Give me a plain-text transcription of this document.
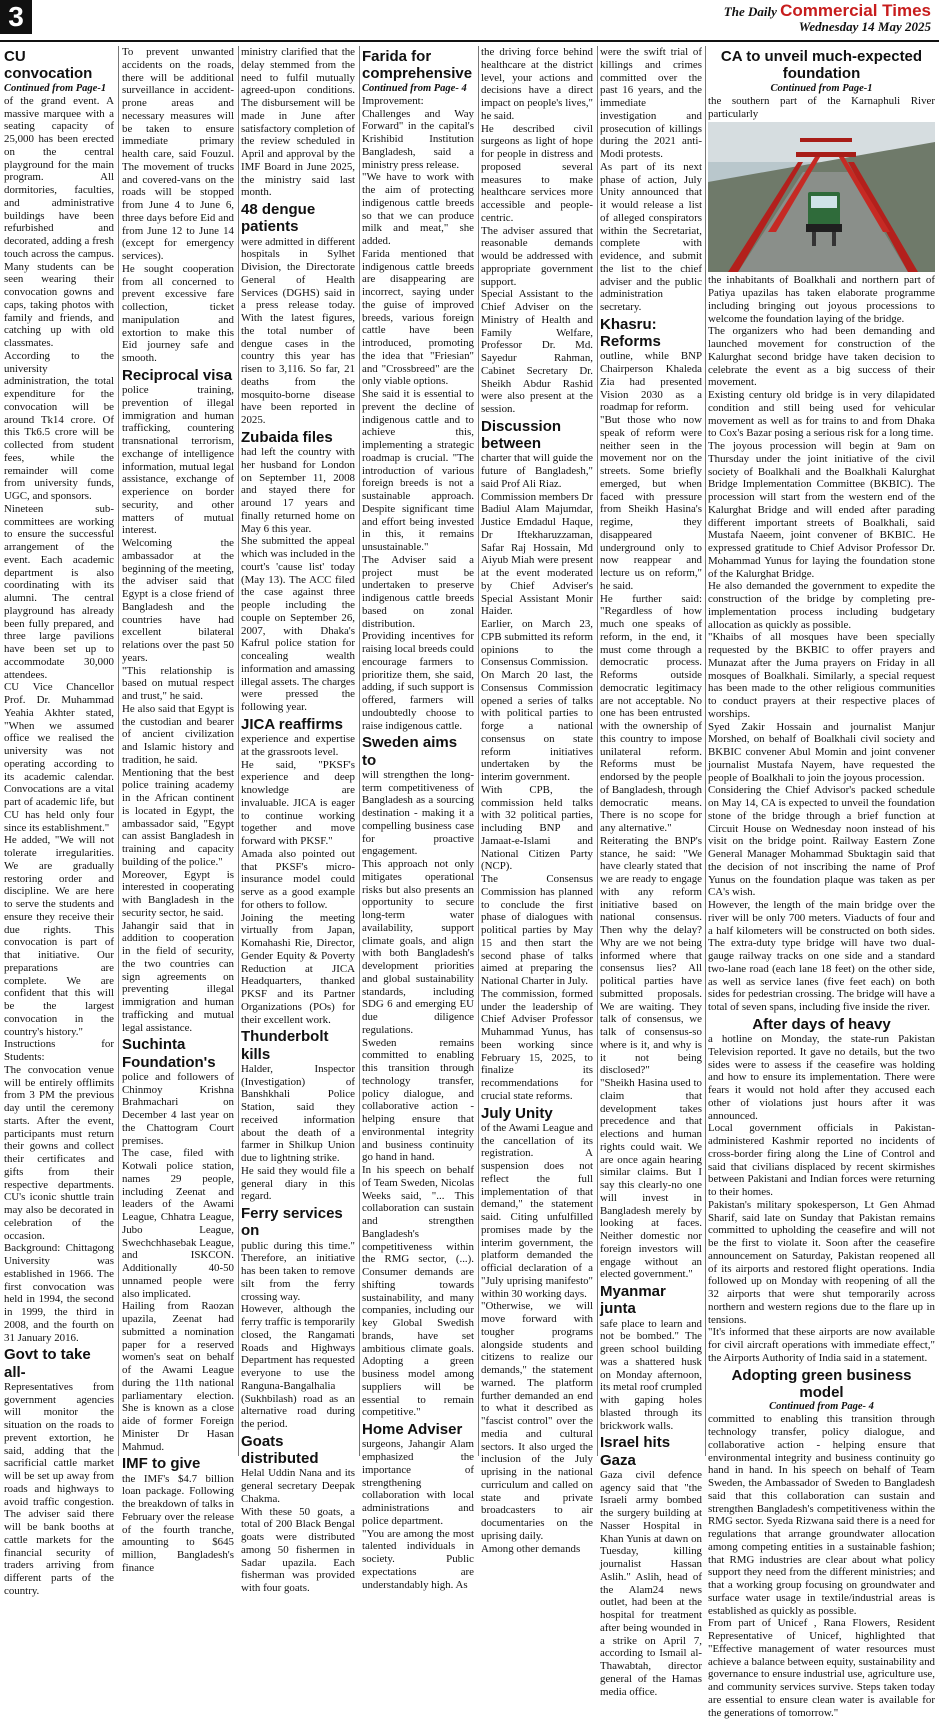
3	The Daily Commercial Times
Wednesday 14 May 2025
CU convocation
Continued from Page-1

of the grand event. A massive marquee with a seating capacity of 25,000 has been erected on the central playground for the main program. All dormitories, faculties, and administrative buildings have been refurbished and decorated, adding a fresh touch across the campus. Many students can be seen wearing their convocation gowns and caps, taking photos with family and friends, and catching up with old classmates.

According to the university administration, the total expenditure for the convocation will be around Tk14 crore. Of this Tk6.5 crore will be collected from student fees, while the remainder will come from university funds, UGC, and sponsors.

Nineteen sub-committees are working to ensure the successful arrangement of the event. Each academic department is also coordinating with its alumni. The central playground has already been fully prepared, and three large pavilions have been set up to accommodate 30,000 attendees.

CU Vice Chancellor Prof. Dr. Muhammad Yeahia Akhter stated, "When we assumed office we realised the university was not operating according to its academic calendar. Convocations are a vital part of academic life, but CU has held only four since its establishment."

He added, "We will not tolerate irregularities. We are gradually restoring order and discipline. We are here to serve the students and ensure they receive their due rights. This convocation is part of that initiative. Our preparations are complete. We are confident that this will be the largest convocation in the country's history."

Instructions for Students:

The convocation venue will be entirely offlimits from 3 PM the previous day until the ceremony starts. After the event, participants must return their gowns and collect their certificates and gifts from their respective departments. CU's iconic shuttle train may also be decorated in celebration of the occasion.

Background: Chittagong University was established in 1966. The first convocation was held in 1994, the second in 1999, the third in 2008, and the fourth on 31 January 2016.

Govt to take all-

Representatives from government agencies will monitor the situation on the roads to prevent extortion, he said, adding that the sacrificial cattle market will be set up away from roads and highways to avoid traffic congestion. The adviser said there will be bank booths at cattle markets for the financial security of traders arriving from different parts of the country.

To prevent unwanted accidents on the roads, there will be additional surveillance in accident-prone areas and necessary measures will be taken to ensure immediate primary health care, said Fouzul. The movement of trucks and covered-vans on the roads will be stopped from June 4 to June 6, three days before Eid and from June 12 to June 14 (except for emergency services).

He sought cooperation from all concerned to prevent excessive fare collection, ticket manipulation and extortion to make this Eid journey safe and smooth.

Reciprocal visa

police training, prevention of illegal immigration and human trafficking, countering transnational terrorism, exchange of intelligence information, mutual legal assistance, exchange of experience on border security, and other matters of mutual interest.

Welcoming the ambassador at the beginning of the meeting, the adviser said that Egypt is a close friend of Bangladesh and the countries have had excellent bilateral relations over the past 50 years.

"This relationship is based on mutual respect and trust," he said.

He also said that Egypt is the custodian and bearer of ancient civilization and Islamic history and tradition, he said.

Mentioning that the best police training academy in the African continent is located in Egypt, the ambassador said, "Egypt can assist Bangladesh in training and capacity building of the police."

Moreover, Egypt is interested in cooperating with Bangladesh in the security sector, he said.

Jahangir said that in addition to cooperation in the field of security, the two countries can sign agreements on preventing illegal immigration and human trafficking and mutual legal assistance.

Suchinta Foundation's

police and followers of Chinmoy Krishna Brahmachari on December 4 last year on the Chattogram Court premises.

The case, filed with Kotwali police station, names 29 people, including Zeenat and leaders of the Awami League, Chhatra League, Jubo League, Swechchhasebak League, and ISKCON. Additionally 40-50 unnamed people were also implicated.

Hailing from Raozan upazila, Zeenat had submitted a nomination paper for a reserved women's seat on behalf of the Awami League during the 11th national parliamentary election. She is known as a close aide of former Foreign Minister Dr Hasan Mahmud.

IMF to give

the IMF's $4.7 billion loan package. Following the breakdown of talks in February over the release of the fourth tranche, amounting to $645 million, Bangladesh's finance

ministry clarified that the delay stemmed from the need to fulfil mutually agreed-upon conditions. The disbursement will be made in June after satisfactory completion of the review scheduled in April and approval by the IMF Board in June 2025, the ministry said last month.

48 dengue patients

were admitted in different hospitals in Sylhet Division, the Directorate General of Health Services (DGHS) said in a press release today. With the latest figures, the total number of dengue cases in the country this year has risen to 3,116. So far, 21 deaths from the mosquito-borne disease have been reported in 2025.

Zubaida files

had left the country with her husband for London on September 11, 2008 and stayed there for around 17 years and finally returned home on May 6 this year.

She submitted the appeal which was included in the court's 'cause list' today (May 13). The ACC filed the case against three people including the couple on September 26, 2007, with Dhaka's Kafrul police station for concealing wealth information and amassing illegal assets. The charges were pressed the following year.

JICA reaffirms

experience and expertise at the grassroots level.

He said, "PKSF's experience and deep knowledge are invaluable. JICA is eager to continue working together and move forward with PKSF."

Amada also pointed out that PKSF's micro-insurance model could serve as a good example for others to follow.

Joining the meeting virtually from Japan, Komahashi Rie, Director, Gender Equity & Poverty Reduction at JICA Headquarters, thanked PKSF and its Partner Organizations (POs) for their excellent work.

Thunderbolt kills

Halder, Inspector (Investigation) of Banshkhali Police Station, said they received information about the death of a farmer in Shilkup Union due to lightning strike.

He said they would file a general diary in this regard.

Ferry services on

public during this time." Therefore, an initiative has been taken to remove silt from the ferry crossing way.

However, although the ferry traffic is temporarily closed, the Rangamati Roads and Highways Department has requested everyone to use the Ranguna-Bangalhalia (Sukhbilash) road as an alternative road during the period.

Goats distributed

Helal Uddin Nana and its general secretary Deepak Chakma.

With these 50 goats, a total of 200 Black Bengal goats were distributed among 50 fishermen in Sadar upazila. Each fisherman was provided with four goats.

Farida for comprehensive
Continued from Page- 4

Improvement: Challenges and Way Forward" in the capital's Krishibid Institution Bangladesh, said a ministry press release.

"We have to work with the aim of protecting indigenous cattle breeds so that we can produce milk and meat," she added.

Farida mentioned that indigenous cattle breeds are disappearing are incorrect, saying under the guise of improved breeds, various foreign cattle have been introduced, promoting the idea that "Friesian" and "Crossbreed" are the only viable options.

She said it is essential to prevent the decline of indigenous cattle and to achieve this, implementing a strategic roadmap is crucial. "The introduction of various foreign breeds is not a sustainable approach. Despite significant time and effort being invested in this, it remains unsustainable."

The Adviser said a project must be undertaken to preserve indigenous cattle breeds based on zonal distribution.

Providing incentives for raising local breeds could encourage farmers to prioritize them, she said, adding, if such support is offered, farmers will undoubtedly choose to raise indigenous cattle.

Sweden aims to

will strengthen the long-term competitiveness of Bangladesh as a sourcing destination - making it a compelling business case for proactive engagement.

This approach not only mitigates operational risks but also presents an opportunity to secure long-term water availability, support climate goals, and align with both Bangladesh's development priorities and global sustainability standards, including SDG 6 and emerging EU due diligence regulations.

Sweden remains committed to enabling this transition through technology transfer, policy dialogue, and collaborative action - helping ensure that environmental integrity and business continuity go hand in hand.

In his speech on behalf of Team Sweden, Nicolas Weeks said, "... This collaboration can sustain and strengthen Bangladesh's competitiveness within the RMG sector, (...). Consumer demands are shifting towards sustainability, and many companies, including our key Global Swedish brands, have set ambitious climate goals. Adopting a green business model among suppliers will be essential to remain competitive."

Home Adviser

surgeons, Jahangir Alam emphasized the importance of strengthening collaboration with local administrations and police department.

"You are among the most talented individuals in society. Public expectations are understandably high. As

the driving force behind healthcare at the district level, your actions and decisions have a direct impact on people's lives," he said.

He described civil surgeons as light of hope for people in distress and proposed several measures to make healthcare services more accessible and people-centric.

The adviser assured that reasonable demands would be addressed with appropriate government support.

Special Assistant to the Chief Adviser on the Ministry of Health and Family Welfare, Professor Dr. Md. Sayedur Rahman, Cabinet Secretary Dr. Sheikh Abdur Rashid were also present at the session.

Discussion between

charter that will guide the future of Bangladesh," said Prof Ali Riaz.

Commission members Dr Badiul Alam Majumdar, Justice Emdadul Haque, Dr Iftekharuzzaman, Safar Raj Hossain, Md Aiyub Miah were present at the event moderated by Chief Adviser's Special Assistant Monir Haider.

Earlier, on March 23, CPB submitted its reform opinions to the Consensus Commission.

On March 20 last, the Consensus Commission opened a series of talks with political parties to forge a national consensus on state reform initiatives undertaken by the interim government.

With CPB, the commission held talks with 32 political parties, including BNP and Jamaat-e-Islami and National Citizen Party (NCP).

The Consensus Commission has planned to conclude the first phase of dialogues with political parties by May 15 and then start the second phase of talks aimed at preparing the National Charter in July.

The commission, formed under the leadership of Chief Adviser Professor Muhammad Yunus, has been working since February 15, 2025, to finalize its recommendations for crucial state reforms.

July Unity

of the Awami League and the cancellation of its registration. A suspension does not reflect the full implementation of that demand," the statement said. Citing unfulfilled promises made by the interim government, the platform demanded the official declaration of a "July uprising manifesto" within 30 working days.

"Otherwise, we will move forward with tougher programs alongside students and citizens to realize our demands," the statement warned. The platform further demanded an end to what it described as "fascist control" over the media and cultural sectors. It also urged the inclusion of the July uprising in the national curriculum and called on state and private broadcasters to air documentaries on the uprising daily.

Among other demands

were the swift trial of killings and crimes committed over the past 16 years, and the immediate investigation and prosecution of killings during the 2021 anti-Modi protests.

As part of its next phase of action, July Unity announced that it would release a list of alleged conspirators within the Secretariat, complete with evidence, and submit the list to the chief adviser and the public administration secretary.

Khasru: Reforms

outline, while BNP Chairperson Khaleda Zia had presented Vision 2030 as a roadmap for reform.

"But those who now speak of reform were neither seen in the movement nor on the streets. Some briefly emerged, but when faced with pressure from Sheikh Hasina's regime, they disappeared underground only to now reappear and lecture us on reform," he said.

He further said: "Regardless of how much one speaks of reform, in the end, it must come through a democratic process. Reforms outside democratic legitimacy are not acceptable. No one has been entrusted with the ownership of this country to impose unilateral reform. Reforms must be endorsed by the people of Bangladesh, through democratic means. There is no scope for any alternative."

Reiterating the BNP's stance, he said: "We have clearly stated that we are ready to engage with any reform initiative based on national consensus. Then why the delay? Why are we not being informed where that consensus lies? All political parties have submitted proposals. We are waiting. They talk of consensus, we talk of consensus-so where is it, and why is it not being disclosed?"

"Sheikh Hasina used to claim that development takes precedence and that elections and human rights could wait. We are once again hearing similar claims. But I say this clearly-no one will invest in Bangladesh merely by looking at faces. Neither domestic nor foreign investors will engage without an elected government."

Myanmar junta

safe place to learn and not be bombed." The green school building was a shattered husk on Monday afternoon, its metal roof crumpled with gaping holes blasted through its brickwork walls.

Israel hits Gaza

Gaza civil defence agency said that "the Israeli army bombed the surgery building at Nasser Hospital in Khan Yunis at dawn on Tuesday, killing journalist Hassan Aslih." Aslih, head of the Alam24 news outlet, had been at the hospital for treatment after being wounded in a strike on April 7, according to Ismail al-Thawabtah, director general of the Hamas media office.

CA to unveil much-expected foundation
Continued from Page-1

the southern part of the Karnaphuli River particularly

the inhabitants of Boalkhali and northern part of Patiya upazilas has taken elaborate programme including bringing out joyous processions to welcome the foundation laying of the bridge.

The organizers who had been demanding and launched movement for construction of the Kalurghat second bridge have taken decision to celebrate the event as a big success of their movement.

Existing century old bridge is in very dilapidated condition and still being used for vehicular movement as well as for trains to and from Dhaka to Cox's Bazar posing a serious risk for a long time.

The joyous procession will begin at 9am on Thursday under the joint initiative of the civil society of Boalkhali and the Boalkhali Kalurghat Bridge Implementation Committee (BKBIC). The procession will start from the western end of the Kalurghat Bridge and will ended after parading different important streets of Boalkhali, said Mustafa Naeem, joint convener of BKBIC. He expressed gratitude to Chief Advisor Professor Dr. Mohammad Yunus for laying the foundation stone of the Kalurghat Bridge.

He also demanded the government to expedite the construction of the bridge by completing pre-implementation process including budgetary allocation as quickly as possible.

"Khaibs of all mosques have been specially requested by the BKBIC to offer prayers and Munazat after the Juma prayers on Friday in all mosques of Boalkhali. Similarly, a special request has been made to the other religious communities to conduct prayers at their respective places of worships.

Syed Zakir Hossain and journalist Manjur Morshed, on behalf of Boalkhali civil society and BKBIC convener Abul Momin and joint convener journalist Mustafa Nayem, have requested the people of Boalkhali to join the joyous procession.

Considering the Chief Advisor's packed schedule on May 14, CA is expected to unveil the foundation stone of the bridge through a brief function at Circuit House on Wednesday noon instead of his visit on the bridge point. Railway Eastern Zone General Manager Mohammad Sbuktagin said that the decision of not inscribing the name of Prof Yunus on the foundation plaque was taken as per CA's wish.

However, the length of the main bridge over the river will be only 700 meters. Viaducts of four and a half kilometers will be constructed on both sides. The extra-duty type bridge will have two dual-gauge railway tracks on one side and a standard two-lane road (each lane 18 feet) on the other side, as well as service lanes (five feet each) on both sides for pedestrian crossing. The bridge will have a total of seven spans, including five inside the river.

After days of heavy

a hotline on Monday, the state-run Pakistan Television reported. It gave no details, but the two sides were to assess if the ceasefire was holding and how to ensure its implementation. There were fears it would not hold after they accused each other of violations just hours after it was announced.

Local government officials in Pakistan-administered Kashmir reported no incidents of cross-border firing along the Line of Control and said that civilians displaced by recent skirmishes between Pakistani and Indian forces were returning to their homes.

Pakistan's military spokesperson, Lt Gen Ahmad Sharif, said late on Sunday that Pakistan remains committed to upholding the ceasefire and will not be the first to violate it. Soon after the ceasefire announcement on Saturday, Pakistan reopened all of its airports and restored flight operations. India followed up on Monday with reopening of all the 32 airports that were shut temporarily across northern and western regions due to the flare up in tensions.

"It's informed that these airports are now available for civil aircraft operations with immediate effect," the Airports Authority of India said in a statement.

Adopting green business model
Continued from Page- 4

committed to enabling this transition through technology transfer, policy dialogue, and collaborative action - helping ensure that environmental integrity and business continuity go hand in hand. In his speech on behalf of Team Sweden, the Ambassador of Sweden to Bangladesh said that this collaboration can sustain and strengthen Bangladesh's competitiveness within the RMG sector. Syeda Rizwana said there is a need for regulations that arrange groundwater allocation among competing entities in a sustainable fashion; that RMG industries are clear about what policy support they need from the different ministries; and that a working group focusing on groundwater and surface water usage in textile/industrial areas is established as quickly as possible.

From part of Unicef , Rana Flowers, Resident Representative of Unicef, highlighted that "Effective management of water resources must achieve a balance between equity, sustainability and governance to ensure industrial use, agriculture use, and community services survive. Steps taken today are essential to ensure clean water is available for the generations of tomorrow."
